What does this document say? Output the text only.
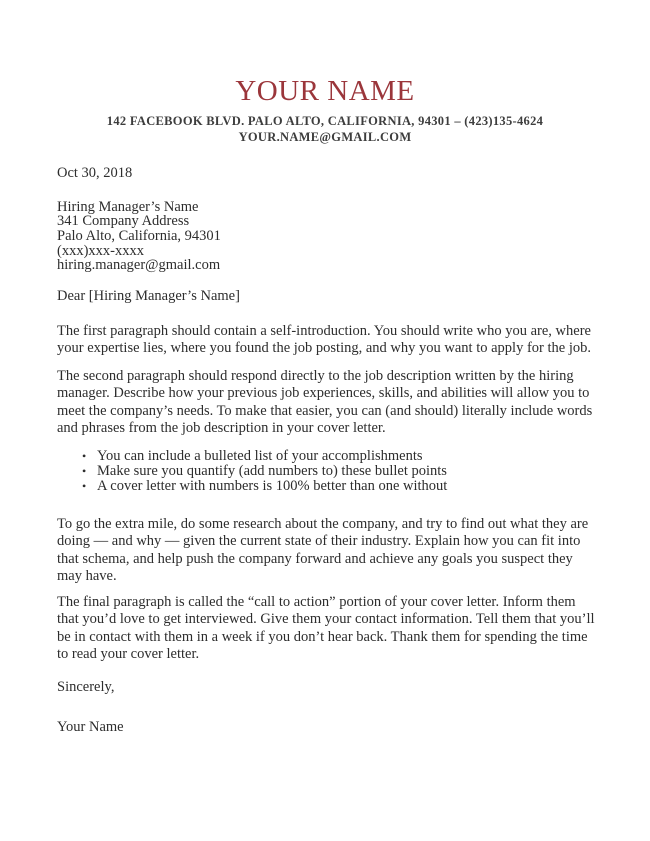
YOUR NAME
142 FACEBOOK BLVD. PALO ALTO, CALIFORNIA, 94301 – (423)135-4624
YOUR.NAME@GMAIL.COM
Oct 30, 2018
Hiring Manager’s Name
341 Company Address
Palo Alto, California, 94301
(xxx)xxx-xxxx
hiring.manager@gmail.com
Dear [Hiring Manager’s Name]

The first paragraph should contain a self-introduction. You should write who you are, where your expertise lies, where you found the job posting, and why you want to apply for the job.

The second paragraph should respond directly to the job description written by the hiring manager. Describe how your previous job experiences, skills, and abilities will allow you to meet the company’s needs. To make that easier, you can (and should) literally include words and phrases from the job description in your cover letter.

• You can include a bulleted list of your accomplishments
• Make sure you quantify (add numbers to) these bullet points
• A cover letter with numbers is 100% better than one without

To go the extra mile, do some research about the company, and try to find out what they are doing — and why — given the current state of their industry. Explain how you can fit into that schema, and help push the company forward and achieve any goals you suspect they may have.

The final paragraph is called the “call to action” portion of your cover letter. Inform them that you’d love to get interviewed. Give them your contact information. Tell them that you’ll be in contact with them in a week if you don’t hear back. Thank them for spending the time to read your cover letter.

Sincerely,
Your Name
